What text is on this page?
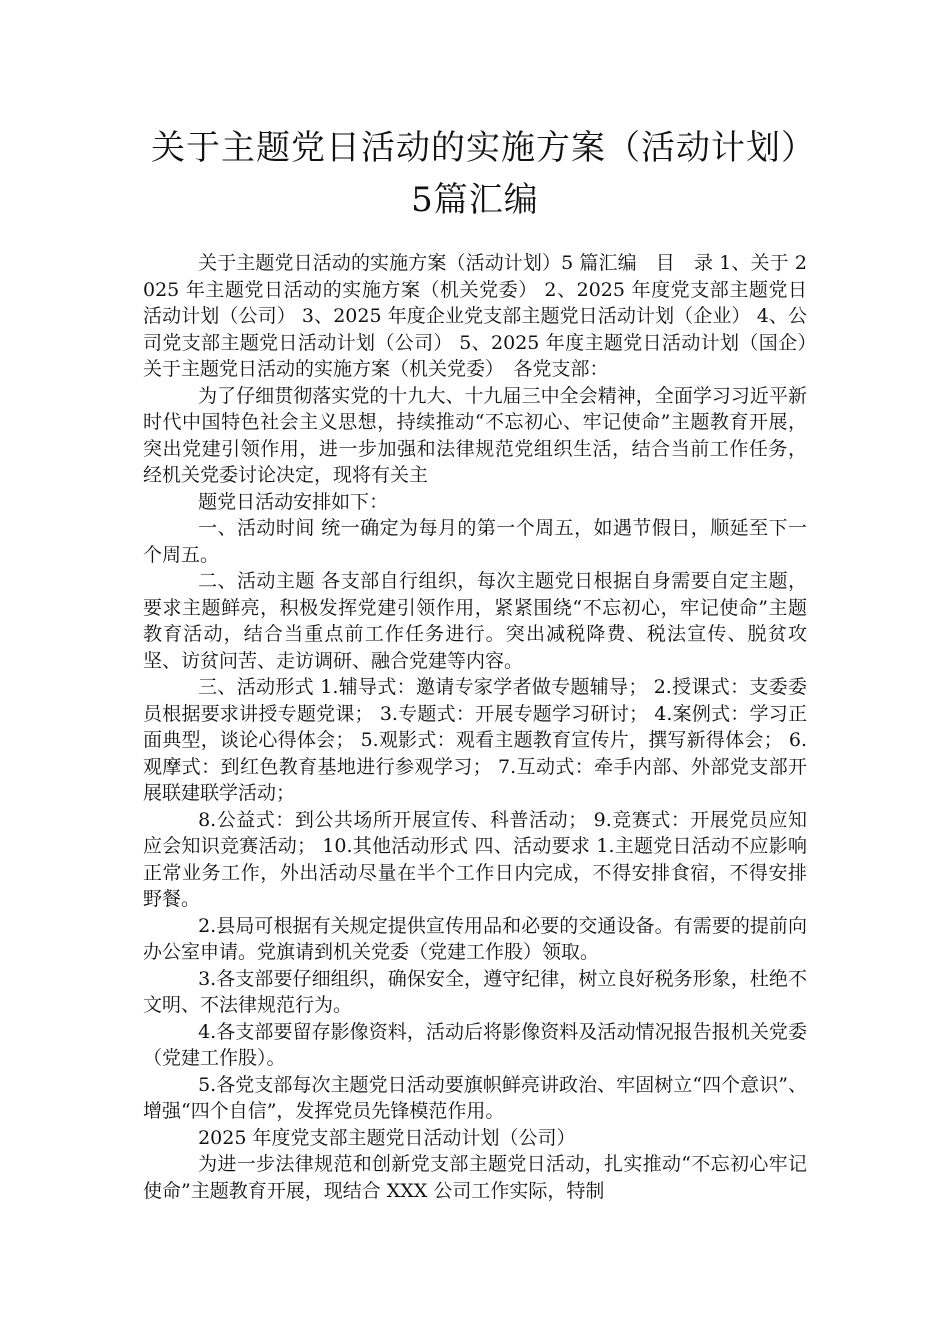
关于主题党日活动的实施方案（活动计划）5篇汇编

关于主题党日活动的实施方案（活动计划）5 篇汇编　目　录 1、关于 2025 年主题党日活动的实施方案（机关党委） 2、2025 年度党支部主题党日活动计划（公司） 3、2025 年度企业党支部主题党日活动计划（企业） 4、公司党支部主题党日活动计划（公司） 5、2025 年度主题党日活动计划（国企）　关于主题党日活动的实施方案（机关党委）　各党支部：

为了仔细贯彻落实党的十九大、十九届三中全会精神，全面学习习近平新时代中国特色社会主义思想，持续推动“不忘初心、牢记使命”主题教育开展，突出党建引领作用，进一步加强和法律规范党组织生活，结合当前工作任务，经机关党委讨论决定，现将有关主

题党日活动安排如下：

一、活动时间 统一确定为每月的第一个周五，如遇节假日，顺延至下一个周五。

二、活动主题 各支部自行组织，每次主题党日根据自身需要自定主题，要求主题鲜亮，积极发挥党建引领作用，紧紧围绕“不忘初心，牢记使命”主题教育活动，结合当重点前工作任务进行。突出减税降费、税法宣传、脱贫攻坚、访贫问苦、走访调研、融合党建等内容。

三、活动形式 1.辅导式：邀请专家学者做专题辅导； 2.授课式：支委委员根据要求讲授专题党课； 3.专题式：开展专题学习研讨； 4.案例式：学习正面典型，谈论心得体会； 5.观影式：观看主题教育宣传片，撰写新得体会； 6.观摩式：到红色教育基地进行参观学习； 7.互动式：牵手内部、外部党支部开展联建联学活动；

8.公益式：到公共场所开展宣传、科普活动； 9.竞赛式：开展党员应知应会知识竞赛活动； 10.其他活动形式 四、活动要求 1.主题党日活动不应影响正常业务工作，外出活动尽量在半个工作日内完成，不得安排食宿，不得安排野餐。

2.县局可根据有关规定提供宣传用品和必要的交通设备。有需要的提前向办公室申请。党旗请到机关党委（党建工作股）领取。

3.各支部要仔细组织，确保安全，遵守纪律，树立良好税务形象，杜绝不文明、不法律规范行为。

4.各支部要留存影像资料，活动后将影像资料及活动情况报告报机关党委（党建工作股）。

5.各党支部每次主题党日活动要旗帜鲜亮讲政治、牢固树立“四个意识”、增强“四个自信”，发挥党员先锋模范作用。

2025 年度党支部主题党日活动计划（公司）

为进一步法律规范和创新党支部主题党日活动，扎实推动“不忘初心牢记使命”主题教育开展，现结合 XXX 公司工作实际，特制
